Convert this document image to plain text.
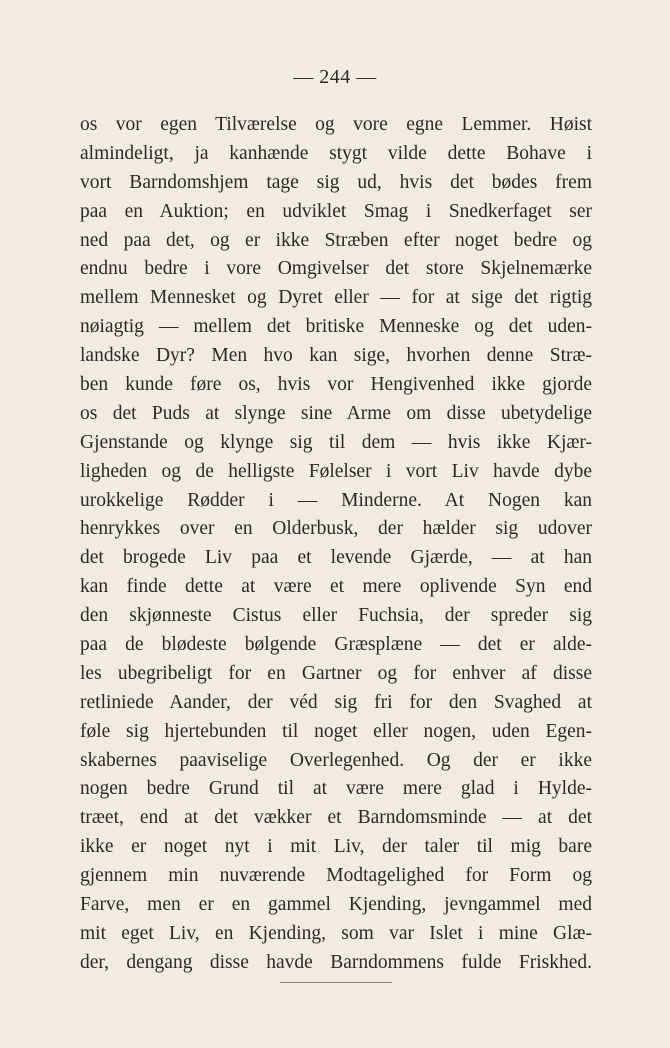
— 244 —
os vor egen Tilværelse og vore egne Lemmer. Høist
almindeligt, ja kanhænde stygt vilde dette Bohave i
vort Barndomshjem tage sig ud, hvis det bødes frem
paa en Auktion; en udviklet Smag i Snedkerfaget ser
ned paa det, og er ikke Stræben efter noget bedre og
endnu bedre i vore Omgivelser det store Skjelnemærke
mellem Mennesket og Dyret eller — for at sige det rigtig
nøiagtig — mellem det britiske Menneske og det uden-
landske Dyr? Men hvo kan sige, hvorhen denne Stræ-
ben kunde føre os, hvis vor Hengivenhed ikke gjorde
os det Puds at slynge sine Arme om disse ubetydelige
Gjenstande og klynge sig til dem — hvis ikke Kjær-
ligheden og de helligste Følelser i vort Liv havde dybe
urokkelige Rødder i — Minderne. At Nogen kan
henrykkes over en Olderbusk, der hælder sig udover
det brogede Liv paa et levende Gjærde, — at han
kan finde dette at være et mere oplivende Syn end
den skjønneste Cistus eller Fuchsia, der spreder sig
paa de blødeste bølgende Græsplæne — det er alde-
les ubegribeligt for en Gartner og for enhver af disse
retliniede Aander, der véd sig fri for den Svaghed at
føle sig hjertebunden til noget eller nogen, uden Egen-
skabernes paaviselige Overlegenhed. Og der er ikke
nogen bedre Grund til at være mere glad i Hylde-
træet, end at det vækker et Barndomsminde — at det
ikke er noget nyt i mit Liv, der taler til mig bare
gjennem min nuværende Modtagelighed for Form og
Farve, men er en gammel Kjending, jevngammel med
mit eget Liv, en Kjending, som var Islet i mine Glæ-
der, dengang disse havde Barndommens fulde Friskhed.
